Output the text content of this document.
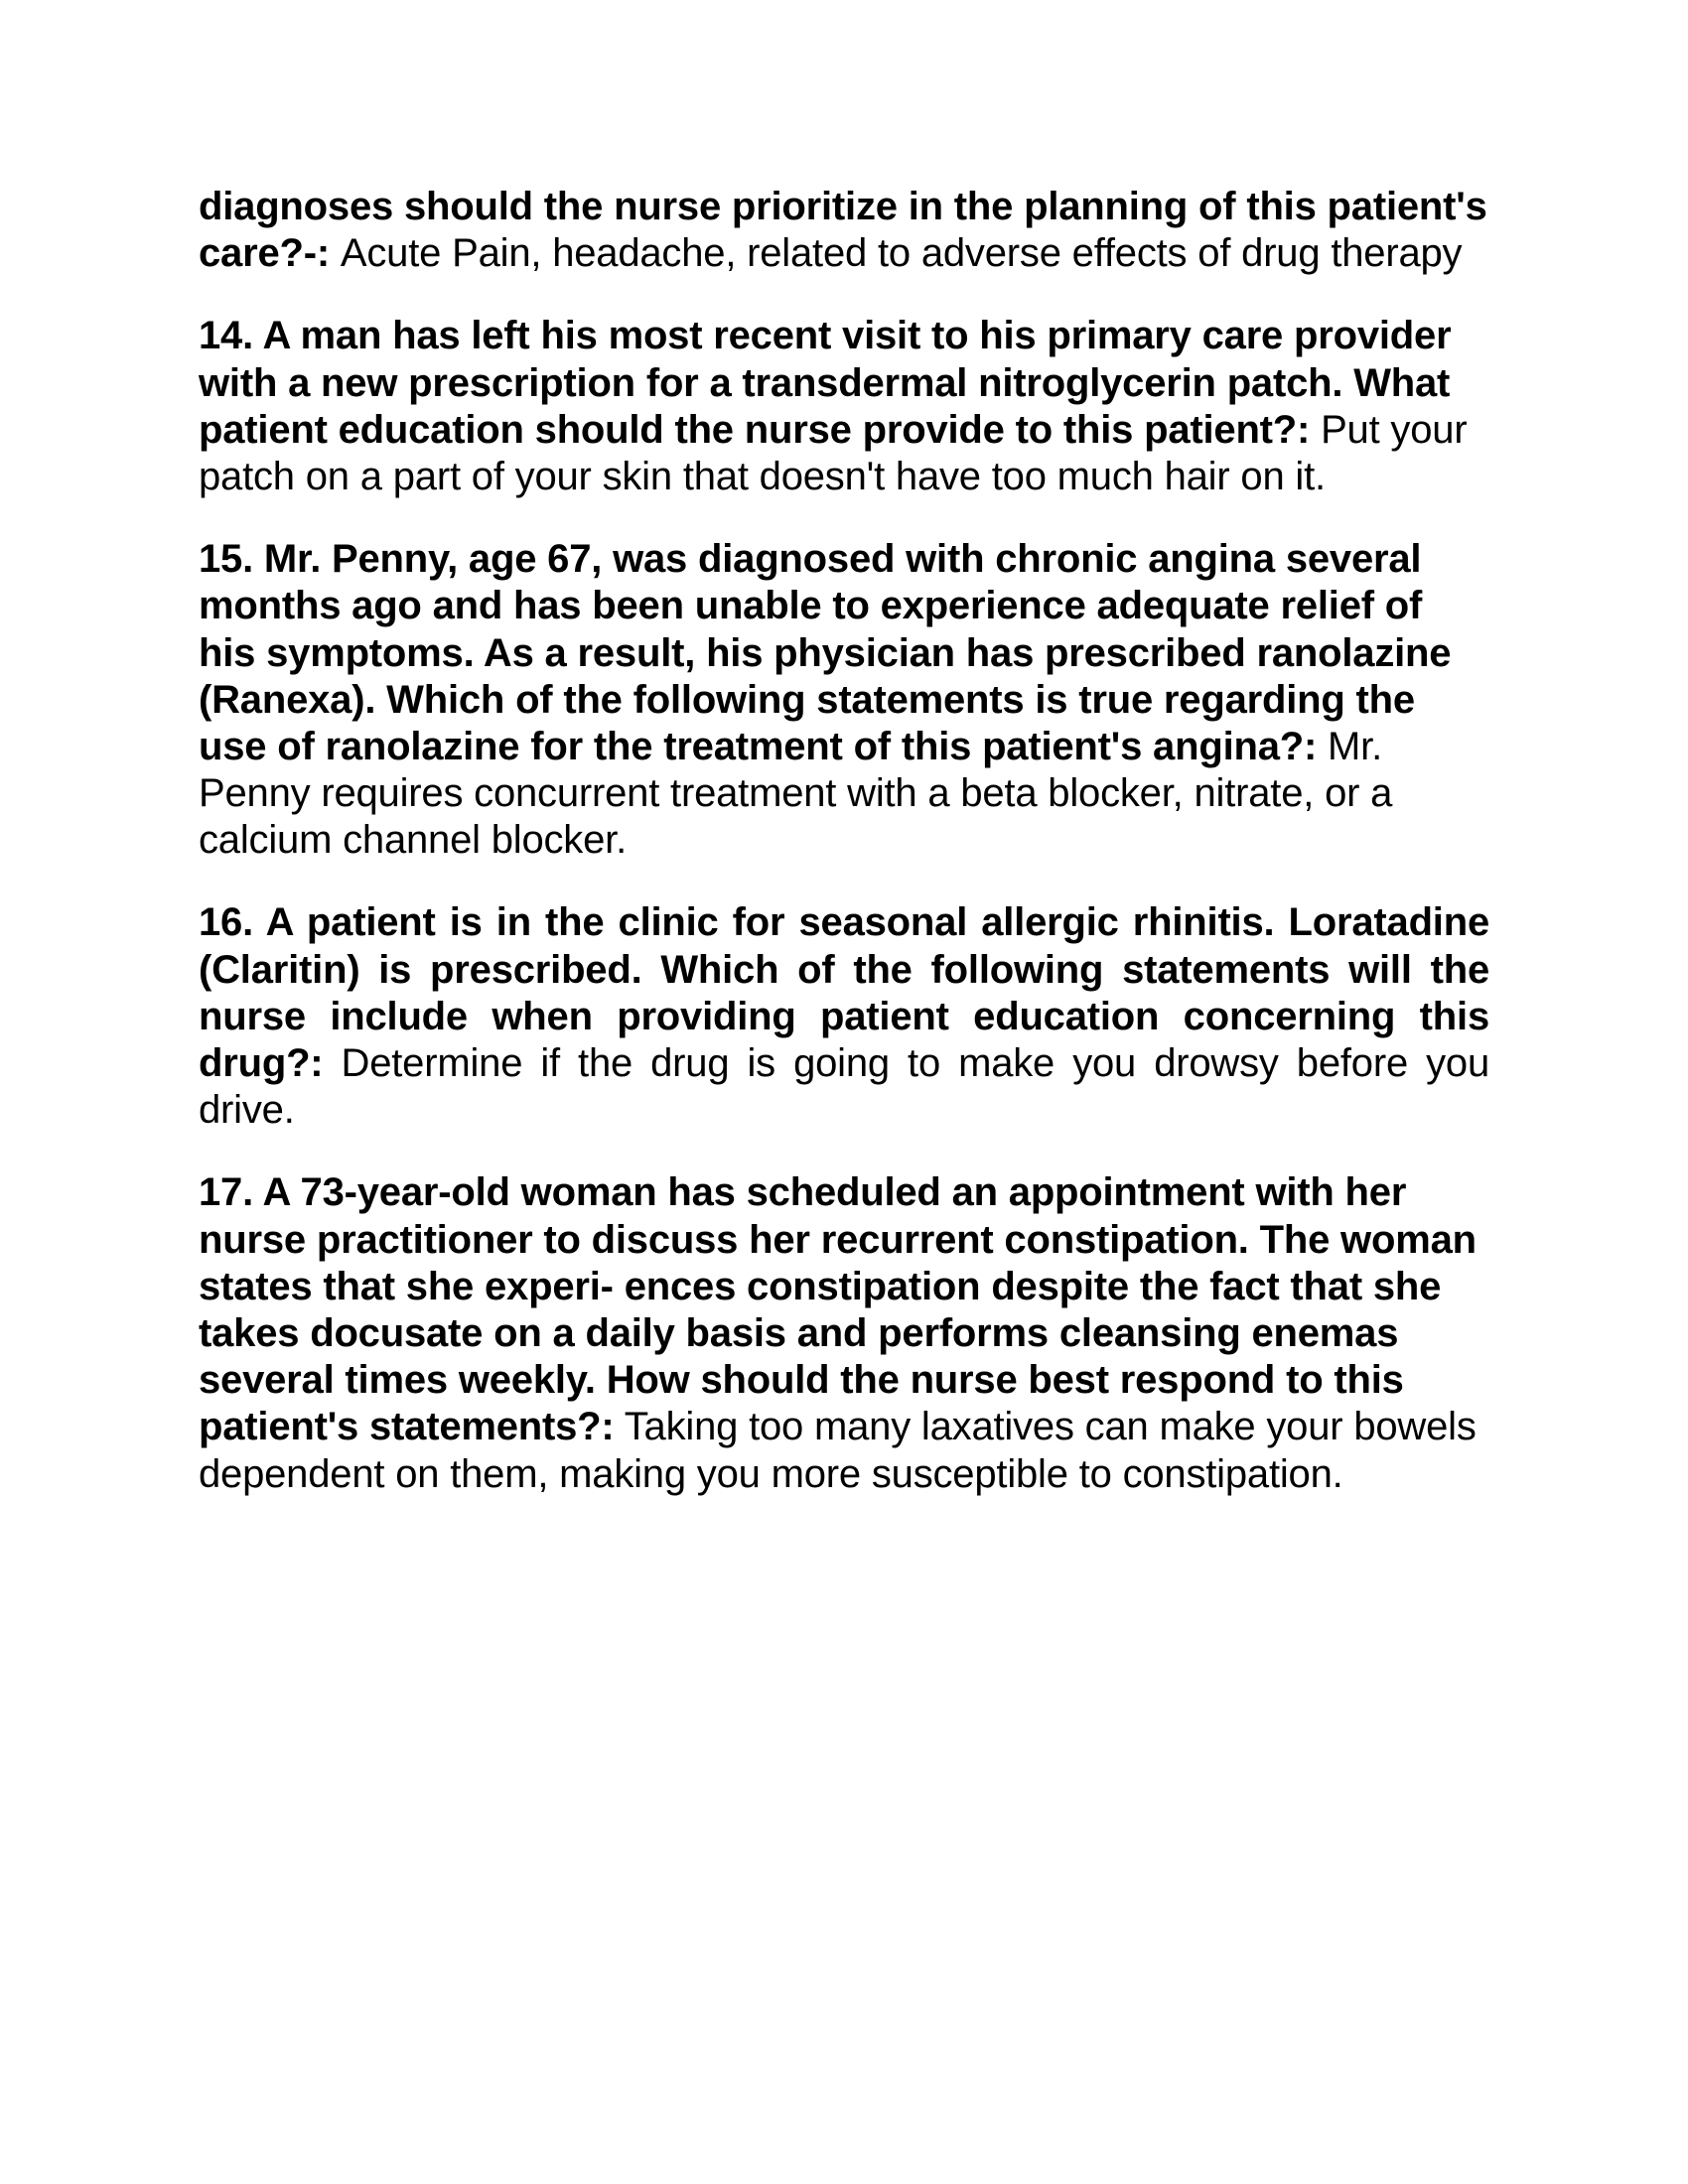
diagnoses should the nurse prioritize in the planning of this patient's care?-: Acute Pain, headache, related to adverse effects of drug therapy

14. A man has left his most recent visit to his primary care provider with a new prescription for a transdermal nitroglycerin patch. What patient education should the nurse provide to this patient?: Put your patch on a part of your skin that doesn't have too much hair on it.

15. Mr. Penny, age 67, was diagnosed with chronic angina several months ago and has been unable to experience adequate relief of his symptoms. As a result, his physician has prescribed ranolazine (Ranexa). Which of the following statements is true regarding the use of ranolazine for the treatment of this patient's angina?: Mr. Penny requires concurrent treatment with a beta blocker, nitrate, or a calcium channel blocker.

16. A patient is in the clinic for seasonal allergic rhinitis. Loratadine (Claritin) is prescribed. Which of the following statements will the nurse include when providing patient education concerning this drug?: Determine if the drug is going to make you drowsy before you drive.

17. A 73-year-old woman has scheduled an appointment with her nurse practitioner to discuss her recurrent constipation. The woman states that she experi- ences constipation despite the fact that she takes docusate on a daily basis and performs cleansing enemas several times weekly. How should the nurse best respond to this patient's statements?: Taking too many laxatives can make your bowels dependent on them, making you more susceptible to constipation.
